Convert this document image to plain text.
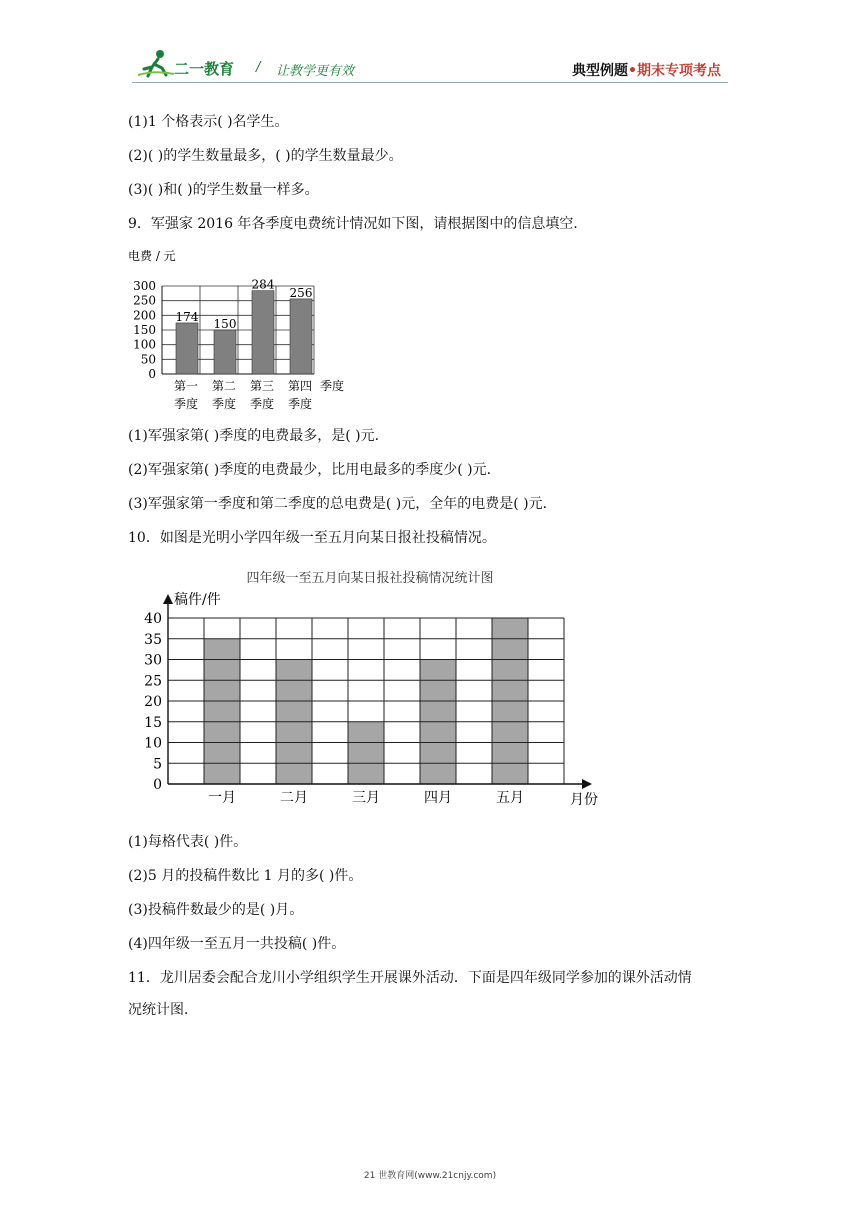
二一教育 / 让教学更有效	典型例题•期末专项考点
(1)1 个格表示( )名学生。
(2)( )的学生数量最多，( )的学生数量最少。
(3)( )和( )的学生数量一样多。
9．军强家 2016 年各季度电费统计情况如下图，请根据图中的信息填空．
电费 / 元
0
50
100
150
200
250
300
174
第一
季度
150
第二
季度
284
第三
季度
256
第四
季度
季度
(1)军强家第( )季度的电费最多，是( )元．
(2)军强家第( )季度的电费最少，比用电最多的季度少( )元．
(3)军强家第一季度和第二季度的总电费是( )元，全年的电费是( )元．
10．如图是光明小学四年级一至五月向某日报社投稿情况。
四年级一至五月向某日报社投稿情况统计图
稿件/件
0
5
10
15
20
25
30
35
40
一月	二月	三月	四月	五月	月份
(1)每格代表( )件。
(2)5 月的投稿件数比 1 月的多( )件。
(3)投稿件数最少的是( )月。
(4)四年级一至五月一共投稿( )件。
11．龙川居委会配合龙川小学组织学生开展课外活动．下面是四年级同学参加的课外活动情
况统计图．
21 世教育网(www.21cnjy.com)
